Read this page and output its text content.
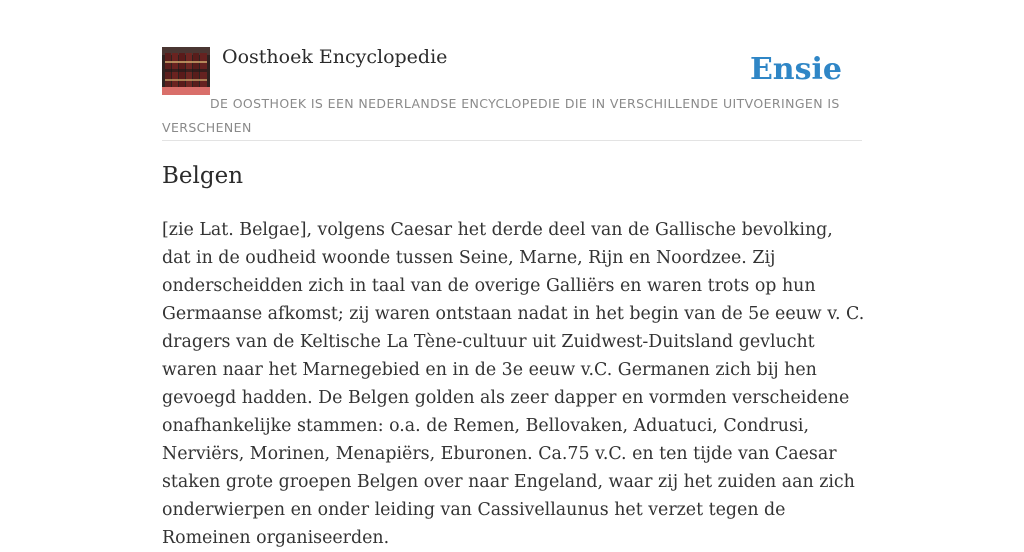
Oosthoek Encyclopedie	Ensie
DE OOSTHOEK IS EEN NEDERLANDSE ENCYCLOPEDIE DIE IN VERSCHILLENDE UITVOERINGEN IS VERSCHENEN
Belgen

[zie Lat. Belgae], volgens Caesar het derde deel van de Gallische bevolking, dat in de oudheid woonde tussen Seine, Marne, Rijn en Noordzee. Zij onderscheidden zich in taal van de overige Galliërs en waren trots op hun Germaanse afkomst; zij waren ontstaan nadat in het begin van de 5e eeuw v. C. dragers van de Keltische La Tène-cultuur uit Zuidwest-Duitsland gevlucht waren naar het Marnegebied en in de 3e eeuw v.C. Germanen zich bij hen gevoegd hadden. De Belgen golden als zeer dapper en vormden verscheidene onafhankelijke stammen: o.a. de Remen, Bellovaken, Aduatuci, Condrusi, Nerviërs, Morinen, Menapiërs, Eburonen. Ca.75 v.C. en ten tijde van Caesar staken grote groepen Belgen over naar Engeland, waar zij het zuiden aan zich onderwierpen en onder leiding van Cassivellaunus het verzet tegen de Romeinen organiseerden.
